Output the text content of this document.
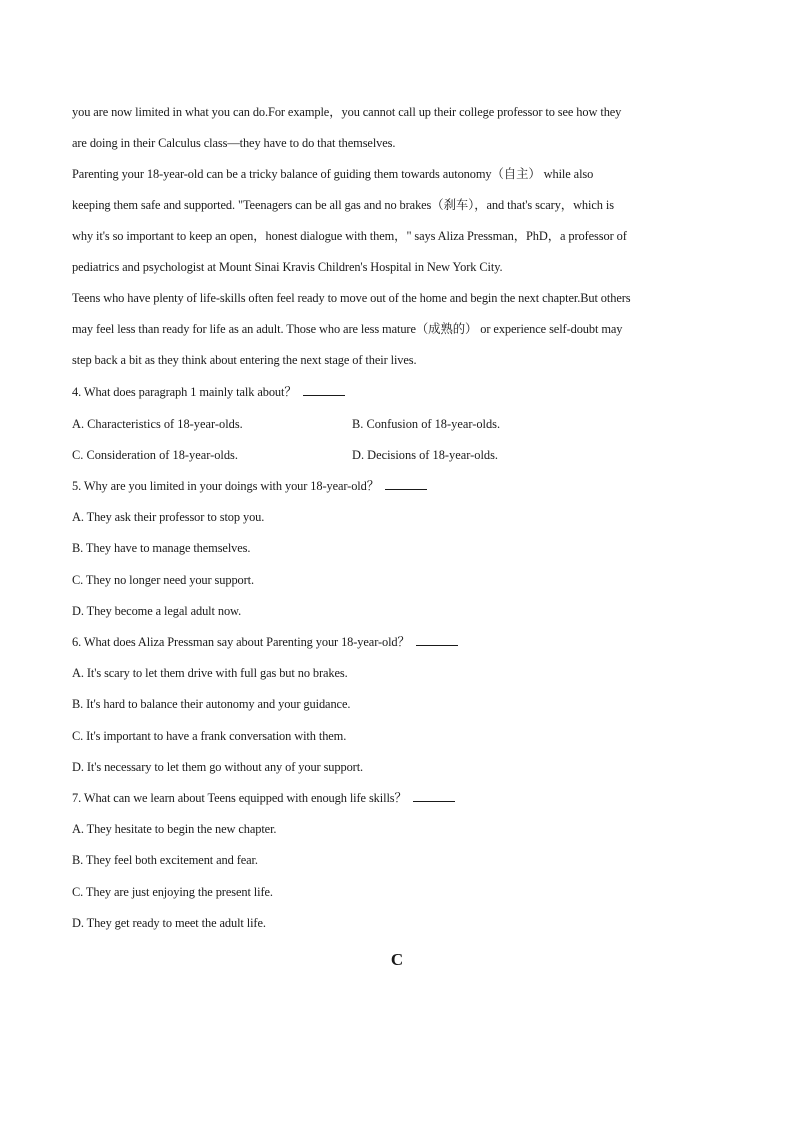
you are now limited in what you can do.For example，you cannot call up their college professor to see how they
are doing in their Calculus class—they have to do that themselves.
Parenting your 18-year-old can be a tricky balance of guiding them towards autonomy（自主） while also
keeping them safe and supported. "Teenagers can be all gas and no brakes（刹车），and that's scary，which is
why it's so important to keep an open，honest dialogue with them，" says Aliza Pressman，PhD，a professor of
pediatrics and psychologist at Mount Sinai Kravis Children's Hospital in New York City.
Teens who have plenty of life-skills often feel ready to move out of the home and begin the next chapter.But others
may feel less than ready for life as an adult. Those who are less mature（成熟的） or experience self-doubt may
step back a bit as they think about entering the next stage of their lives.
4. What does paragraph 1 mainly talk about？
A. Characteristics of 18-year-olds.	B. Confusion of 18-year-olds.
C. Consideration of 18-year-olds.	D. Decisions of 18-year-olds.
5. Why are you limited in your doings with your 18-year-old？
A. They ask their professor to stop you.
B. They have to manage themselves.
C. They no longer need your support.
D. They become a legal adult now.
6. What does Aliza Pressman say about Parenting your 18-year-old？
A. It's scary to let them drive with full gas but no brakes.
B. It's hard to balance their autonomy and your guidance.
C. It's important to have a frank conversation with them.
D. It's necessary to let them go without any of your support.
7. What can we learn about Teens equipped with enough life skills？
A. They hesitate to begin the new chapter.
B. They feel both excitement and fear.
C. They are just enjoying the present life.
D. They get ready to meet the adult life.
C
